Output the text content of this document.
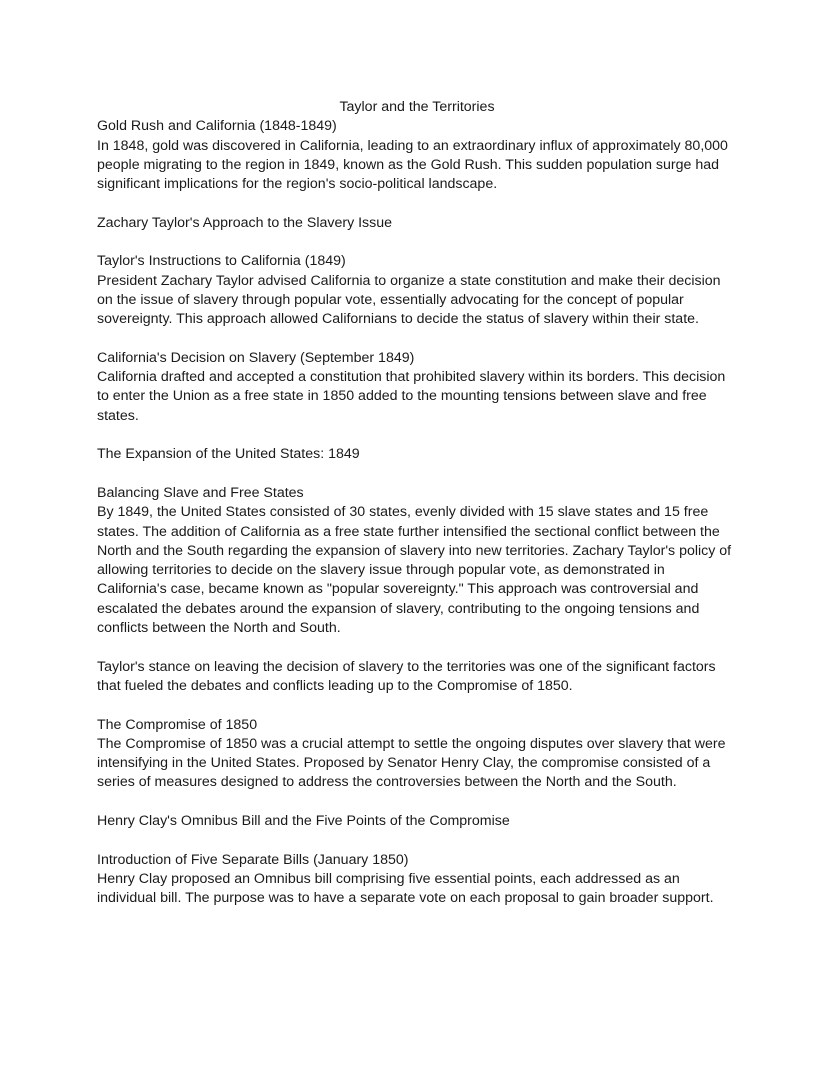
Taylor and the Territories

Gold Rush and California (1848-1849)

In 1848, gold was discovered in California, leading to an extraordinary influx of approximately 80,000 people migrating to the region in 1849, known as the Gold Rush. This sudden population surge had significant implications for the region's socio-political landscape.

Zachary Taylor's Approach to the Slavery Issue

Taylor's Instructions to California (1849)

President Zachary Taylor advised California to organize a state constitution and make their decision on the issue of slavery through popular vote, essentially advocating for the concept of popular sovereignty. This approach allowed Californians to decide the status of slavery within their state.

California's Decision on Slavery (September 1849)

California drafted and accepted a constitution that prohibited slavery within its borders. This decision to enter the Union as a free state in 1850 added to the mounting tensions between slave and free states.

The Expansion of the United States: 1849

Balancing Slave and Free States

By 1849, the United States consisted of 30 states, evenly divided with 15 slave states and 15 free states. The addition of California as a free state further intensified the sectional conflict between the North and the South regarding the expansion of slavery into new territories. Zachary Taylor's policy of allowing territories to decide on the slavery issue through popular vote, as demonstrated in California's case, became known as "popular sovereignty." This approach was controversial and escalated the debates around the expansion of slavery, contributing to the ongoing tensions and conflicts between the North and South.

Taylor's stance on leaving the decision of slavery to the territories was one of the significant factors that fueled the debates and conflicts leading up to the Compromise of 1850.

The Compromise of 1850

The Compromise of 1850 was a crucial attempt to settle the ongoing disputes over slavery that were intensifying in the United States. Proposed by Senator Henry Clay, the compromise consisted of a series of measures designed to address the controversies between the North and the South.

Henry Clay's Omnibus Bill and the Five Points of the Compromise

Introduction of Five Separate Bills (January 1850)

Henry Clay proposed an Omnibus bill comprising five essential points, each addressed as an individual bill. The purpose was to have a separate vote on each proposal to gain broader support.
